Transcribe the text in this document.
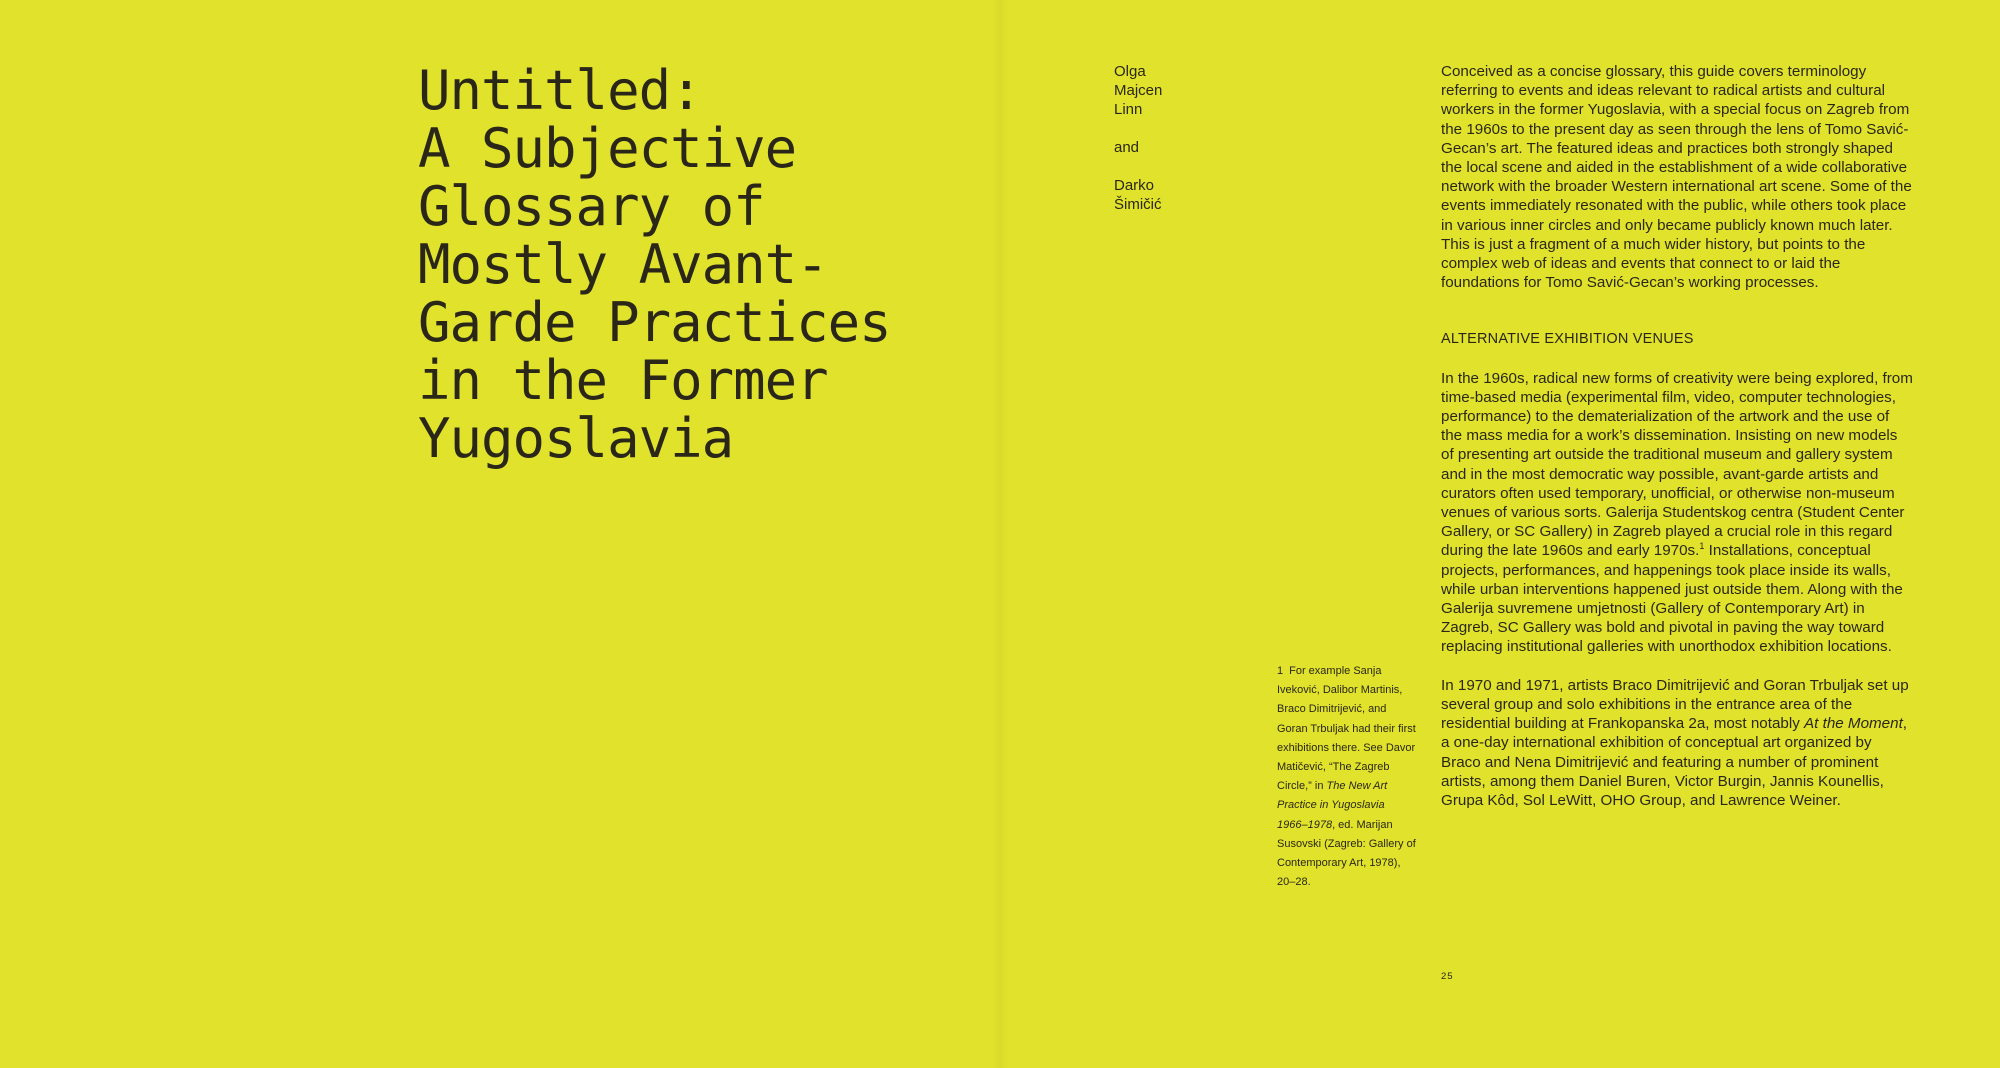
Untitled:
A Subjective
Glossary of
Mostly Avant-
Garde Practices
in the Former
Yugoslavia
Olga
Majcen
Linn
and
Darko
Šimičić

Conceived as a concise glossary, this guide covers terminology referring to events and ideas relevant to radical artists and cultural workers in the former Yugoslavia, with a special focus on Zagreb from the 1960s to the present day as seen through the lens of Tomo Savić-Gecan’s art. The featured ideas and practices both strongly shaped the local scene and aided in the establishment of a wide collaborative network with the broader Western international art scene. Some of the events immediately resonated with the public, while others took place in various inner circles and only became publicly known much later. This is just a fragment of a much wider history, but points to the complex web of ideas and events that connect to or laid the foundations for Tomo Savić-Gecan’s working processes.

ALTERNATIVE EXHIBITION VENUES

In the 1960s, radical new forms of creativity were being explored, from time-based media (experimental film, video, computer technologies, performance) to the dematerialization of the artwork and the use of the mass media for a work’s dissemination. Insisting on new models of presenting art outside the traditional museum and gallery system and in the most democratic way possible, avant-garde artists and curators often used temporary, unofficial, or otherwise non-museum venues of various sorts. Galerija Studentskog centra (Student Center Gallery, or SC Gallery) in Zagreb played a crucial role in this regard during the late 1960s and early 1970s.$^1$ Installations, conceptual projects, performances, and happenings took place inside its walls, while urban interventions happened just outside them. Along with the Galerija suvremene umjetnosti (Gallery of Contemporary Art) in Zagreb, SC Gallery was bold and pivotal in paving the way toward replacing institutional galleries with unorthodox exhibition locations.

In 1970 and 1971, artists Braco Dimitrijević and Goran Trbuljak set up several group and solo exhibitions in the entrance area of the residential building at Frankopanska 2a, most notably At the Moment, a one-day international exhibition of conceptual art organized by Braco and Nena Dimitrijević and featuring a number of prominent artists, among them Daniel Buren, Victor Burgin, Jannis Kounellis, Grupa Kôd, Sol LeWitt, OHO Group, and Lawrence Weiner.

1 For example Sanja Iveković, Dalibor Martinis, Braco Dimitrijević, and Goran Trbuljak had their first exhibitions there. See Davor Matičević, “The Zagreb Circle,” in The New Art Practice in Yugoslavia 1966–1978, ed. Marijan Susovski (Zagreb: Gallery of Contemporary Art, 1978), 20–28.
25
